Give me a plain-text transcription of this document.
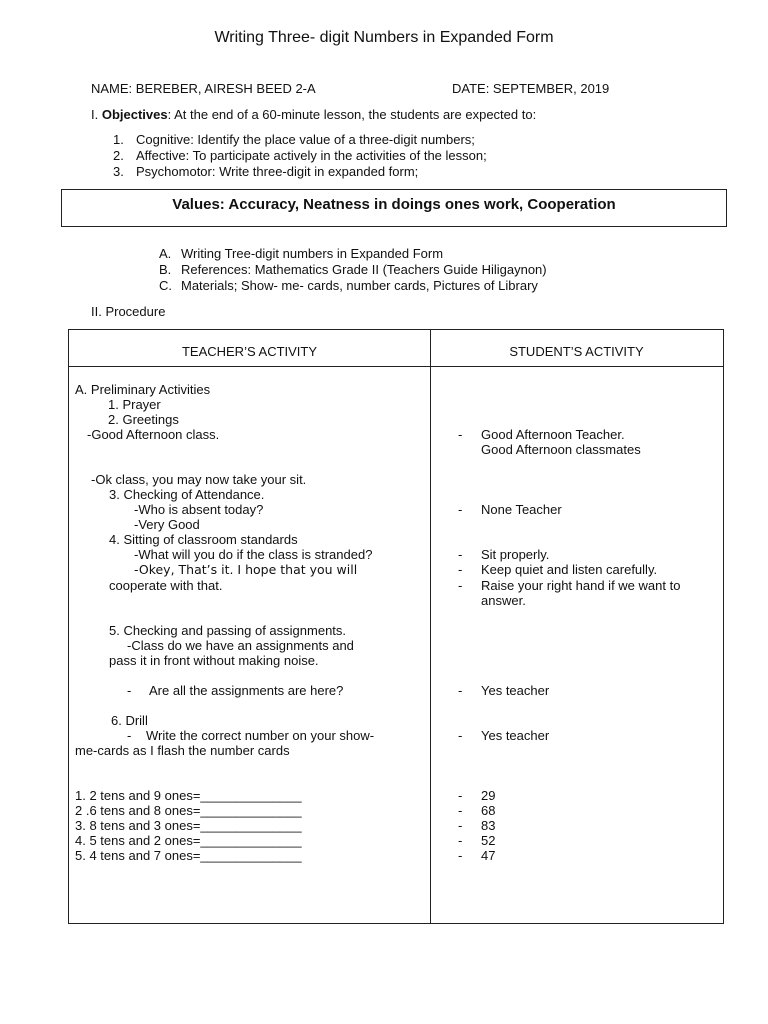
Writing Three- digit Numbers in Expanded Form
NAME: BEREBER, AIRESH BEED 2-A	DATE: SEPTEMBER, 2019
I. Objectives: At the end of a 60-minute lesson, the students are expected to:
1. Cognitive: Identify the place value of a three-digit numbers;
2. Affective: To participate actively in the activities of the lesson;
3. Psychomotor: Write three-digit in expanded form;
Values: Accuracy, Neatness in doings ones work, Cooperation
A. Writing Tree-digit numbers in Expanded Form
B. References: Mathematics Grade II (Teachers Guide Hiligaynon)
C. Materials; Show- me- cards, number cards, Pictures of Library
II. Procedure
TEACHER’S ACTIVITY	STUDENT’S ACTIVITY
A. Preliminary Activities
1. Prayer
2. Greetings
-Good Afternoon class.
-Ok class, you may now take your sit.
3. Checking of Attendance.
-Who is absent today?
-Very Good
4. Sitting of classroom standards
-What will you do if the class is stranded?
-Okey, That’s it. I hope that you will
cooperate with that.
5. Checking and passing of assignments.
-Class do we have an assignments and
pass it in front without making noise.
- Are all the assignments are here?
6. Drill
- Write the correct number on your show-
me-cards as I flash the number cards
1. 2 tens and 9 ones=______________
2 .6 tens and 8 ones=______________
3. 8 tens and 3 ones=______________
4. 5 tens and 2 ones=______________
5. 4 tens and 7 ones=______________
- Good Afternoon Teacher.
Good Afternoon classmates
- None Teacher
- Sit properly.
- Keep quiet and listen carefully.
- Raise your right hand if we want to
answer.
- Yes teacher
- Yes teacher
- 29
- 68
- 83
- 52
- 47
